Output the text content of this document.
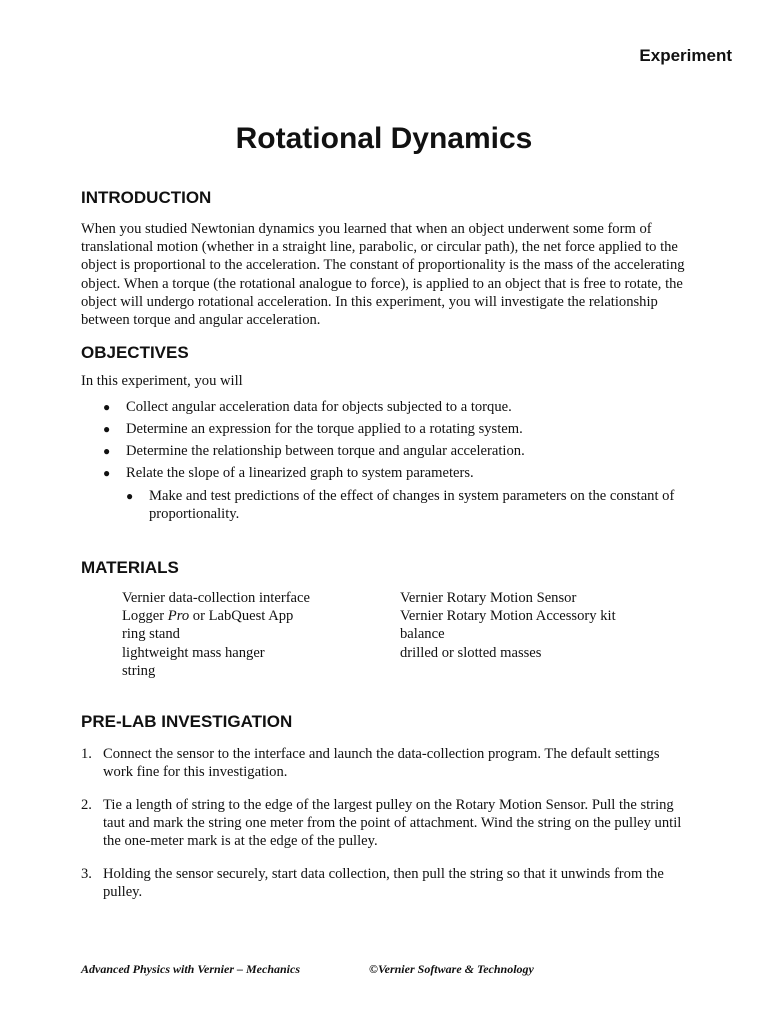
Experiment
Rotational Dynamics
INTRODUCTION
When you studied Newtonian dynamics you learned that when an object underwent some form of translational motion (whether in a straight line, parabolic, or circular path), the net force applied to the object is proportional to the acceleration. The constant of proportionality is the mass of the accelerating object. When a torque (the rotational analogue to force), is applied to an object that is free to rotate, the object will undergo rotational acceleration. In this experiment, you will investigate the relationship between torque and angular acceleration.
OBJECTIVES
In this experiment, you will
● Collect angular acceleration data for objects subjected to a torque.
● Determine an expression for the torque applied to a rotating system.
● Determine the relationship between torque and angular acceleration.
● Relate the slope of a linearized graph to system parameters.
● Make and test predictions of the effect of changes in system parameters on the constant of proportionality.
MATERIALS
Vernier data-collection interface
Logger Pro or LabQuest App
ring stand
lightweight mass hanger
string
Vernier Rotary Motion Sensor
Vernier Rotary Motion Accessory kit
balance
drilled or slotted masses
PRE-LAB INVESTIGATION
1. Connect the sensor to the interface and launch the data-collection program. The default settings work fine for this investigation.
2. Tie a length of string to the edge of the largest pulley on the Rotary Motion Sensor. Pull the string taut and mark the string one meter from the point of attachment. Wind the string on the pulley until the one-meter mark is at the edge of the pulley.
3. Holding the sensor securely, start data collection, then pull the string so that it unwinds from the pulley.
Advanced Physics with Vernier – Mechanics	©Vernier Software & Technology
